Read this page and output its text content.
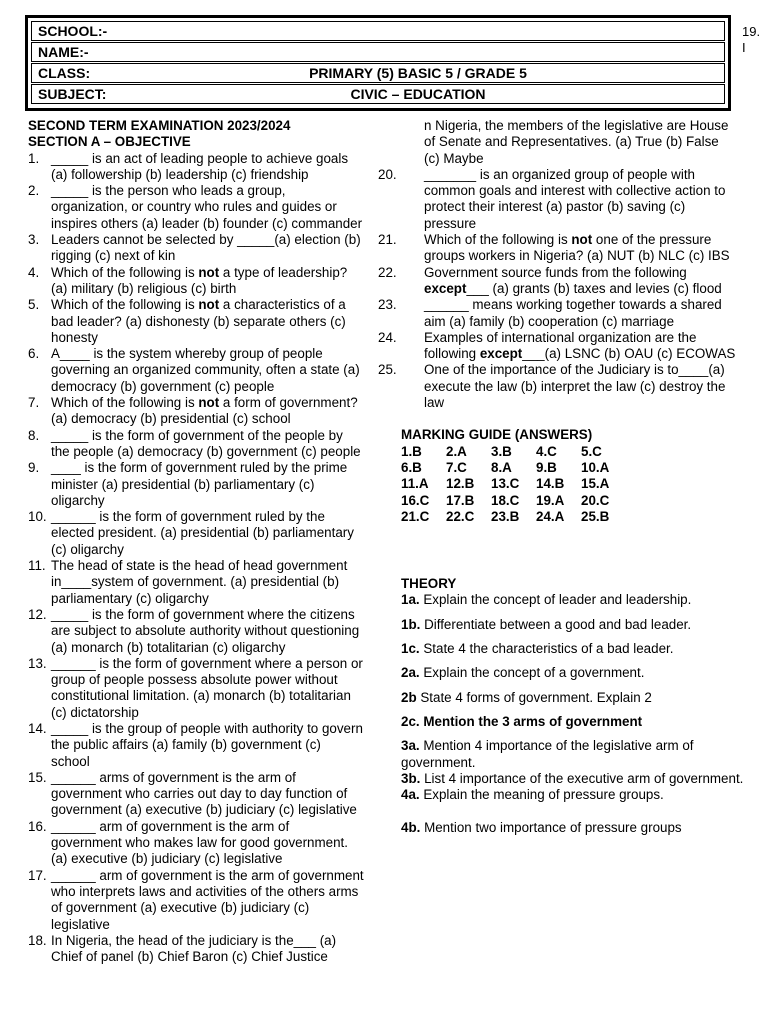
SCHOOL:-
NAME:-
CLASS:	PRIMARY (5) BASIC 5 / GRADE 5
SUBJECT:	CIVIC – EDUCATION
19.
I
SECOND TERM EXAMINATION 2023/2024
SECTION A – OBJECTIVE
1. _____ is an act of leading people to achieve goals
(a) followership (b) leadership (c) friendship
2. _____ is the person who leads a group,
organization, or country who rules and guides or
inspires others (a) leader (b) founder (c) commander
3. Leaders cannot be selected by _____(a) election (b)
rigging (c) next of kin
4. Which of the following is not a type of leadership?
(a) military (b) religious (c) birth
5. Which of the following is not a characteristics of a
bad leader? (a) dishonesty (b) separate others (c)
honesty
6. A____ is the system whereby group of people
governing an organized community, often a state (a)
democracy (b) government (c) people
7. Which of the following is not a form of government?
(a) democracy (b) presidential (c) school
8. _____ is the form of government of the people by
the people (a) democracy (b) government (c) people
9. ____ is the form of government ruled by the prime
minister (a) presidential (b) parliamentary (c)
oligarchy
10. ______ is the form of government ruled by the
elected president. (a) presidential (b) parliamentary
(c) oligarchy
11. The head of state is the head of head government
in____system of government. (a) presidential (b)
parliamentary (c) oligarchy
12. _____ is the form of government where the citizens
are subject to absolute authority without questioning
(a) monarch (b) totalitarian (c) oligarchy
13. ______ is the form of government where a person or
group of people possess absolute power without
constitutional limitation. (a) monarch (b) totalitarian
(c) dictatorship
14. _____ is the group of people with authority to govern
the public affairs (a) family (b) government (c)
school
15. ______ arms of government is the arm of
government who carries out day to day function of
government (a) executive (b) judiciary (c) legislative
16. ______ arm of government is the arm of
government who makes law for good government.
(a) executive (b) judiciary (c) legislative
17. ______ arm of government is the arm of government
who interprets laws and activities of the others arms
of government (a) executive (b) judiciary (c)
legislative
18. In Nigeria, the head of the judiciary is the___ (a)
Chief of panel (b) Chief Baron (c) Chief Justice
n Nigeria, the members of the legislative are House
of Senate and Representatives. (a) True (b) False
(c) Maybe
20.	_______ is an organized group of people with
common goals and interest with collective action to
protect their interest (a) pastor (b) saving (c)
pressure
21.	Which of the following is not one of the pressure
groups workers in Nigeria? (a) NUT (b) NLC (c) IBS
22.	Government source funds from the following
except___ (a) grants (b) taxes and levies (c) flood
23.	______ means working together towards a shared
aim (a) family (b) cooperation (c) marriage
24.	Examples of international organization are the
following except___(a) LSNC (b) OAU (c) ECOWAS
25.	One of the importance of the Judiciary is to____(a)
execute the law (b) interpret the law (c) destroy the
law
MARKING GUIDE (ANSWERS)
1.B	2.A	3.B	4.C	5.C
6.B	7.C	8.A	9.B	10.A
11.A	12.B	13.C	14.B	15.A
16.C	17.B	18.C	19.A	20.C
21.C	22.C	23.B	24.A	25.B
THEORY
1a. Explain the concept of leader and leadership.
1b. Differentiate between a good and bad leader.
1c. State 4 the characteristics of a bad leader.
2a. Explain the concept of a government.
2b State 4 forms of government. Explain 2
2c. Mention the 3 arms of government
3a. Mention 4 importance of the legislative arm of government.
3b. List 4 importance of the executive arm of government.
4a. Explain the meaning of pressure groups.
4b. Mention two importance of pressure groups
